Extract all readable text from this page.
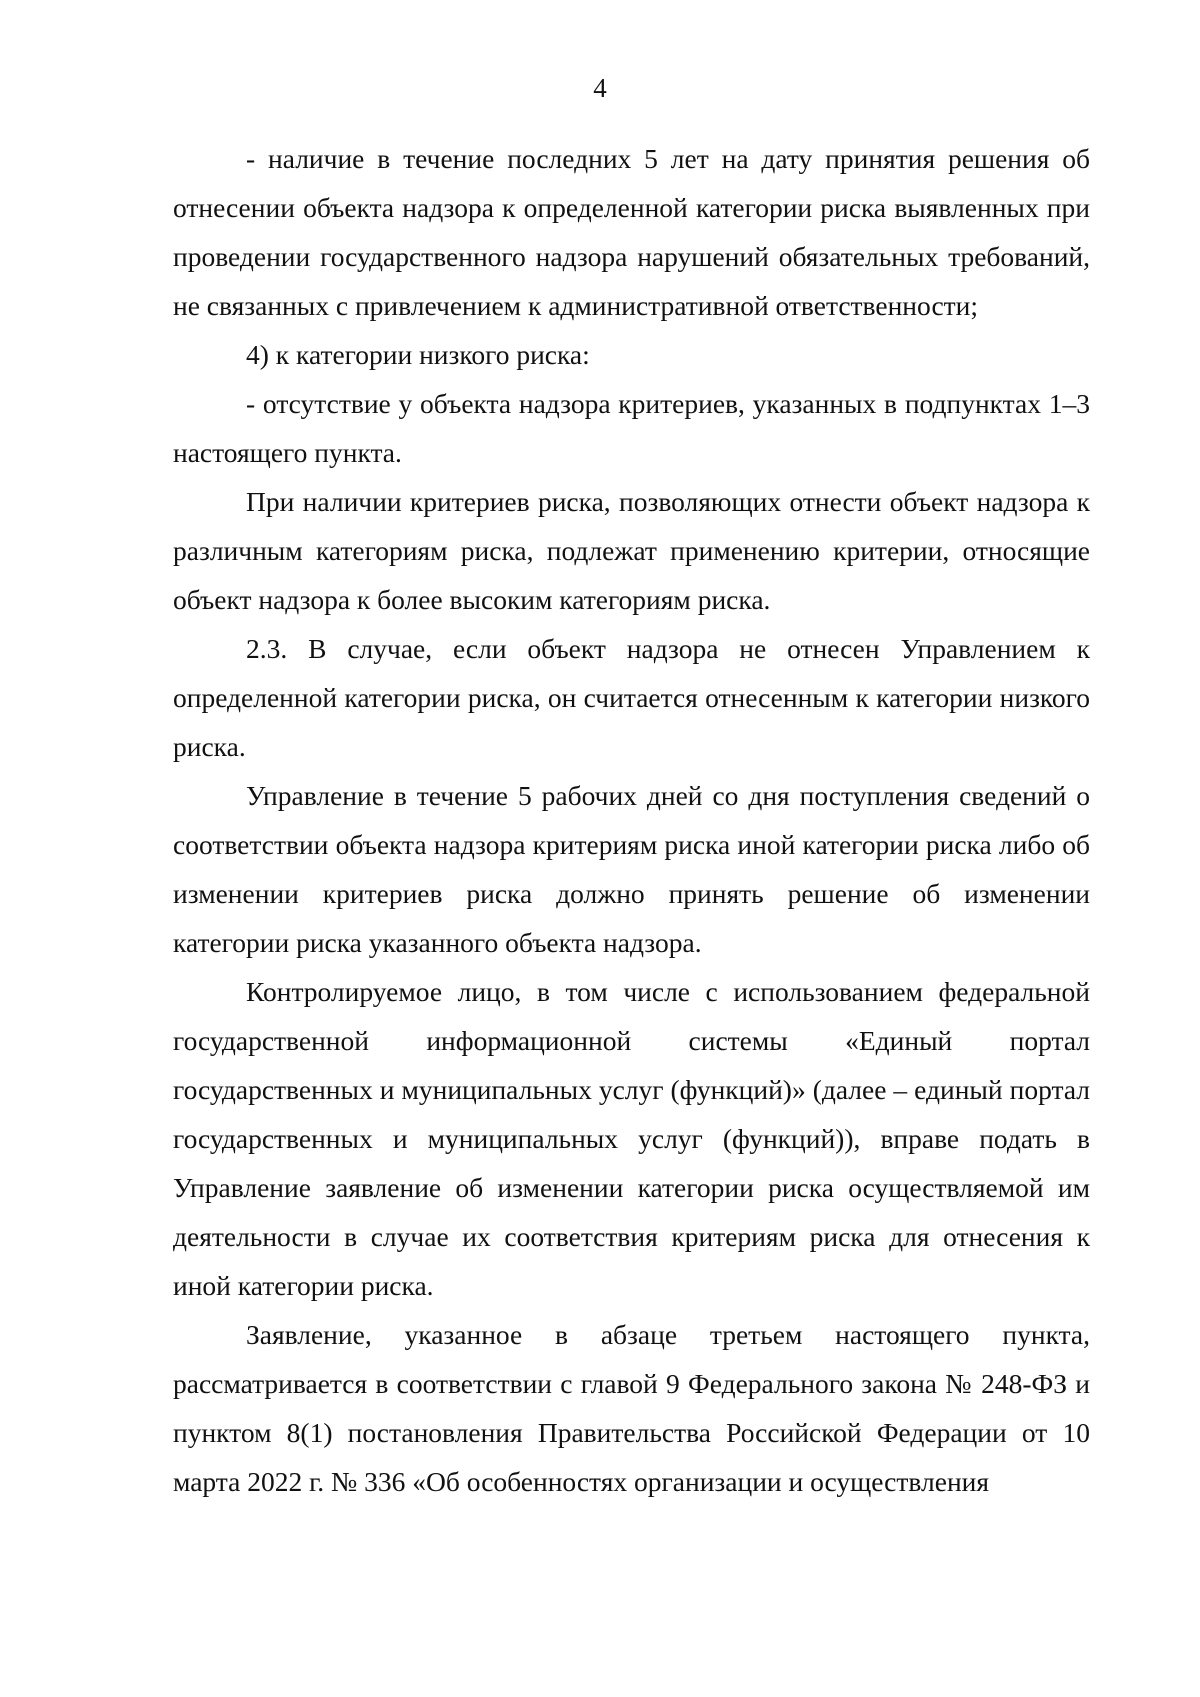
4

- наличие в течение последних 5 лет на дату принятия решения об отнесении объекта надзора к определенной категории риска выявленных при проведении государственного надзора нарушений обязательных требований, не связанных с привлечением к административной ответственности;

4) к категории низкого риска:

- отсутствие у объекта надзора критериев, указанных в подпунктах 1–3 настоящего пункта.

При наличии критериев риска, позволяющих отнести объект надзора к различным категориям риска, подлежат применению критерии, относящие объект надзора к более высоким категориям риска.

2.3. В случае, если объект надзора не отнесен Управлением к определенной категории риска, он считается отнесенным к категории низкого риска.

Управление в течение 5 рабочих дней со дня поступления сведений о соответствии объекта надзора критериям риска иной категории риска либо об изменении критериев риска должно принять решение об изменении категории риска указанного объекта надзора.

Контролируемое лицо, в том числе с использованием федеральной государственной информационной системы «Единый портал государственных и муниципальных услуг (функций)» (далее – единый портал государственных и муниципальных услуг (функций)), вправе подать в Управление заявление об изменении категории риска осуществляемой им деятельности в случае их соответствия критериям риска для отнесения к иной категории риска.

Заявление, указанное в абзаце третьем настоящего пункта, рассматривается в соответствии с главой 9 Федерального закона № 248-ФЗ и пунктом 8(1) постановления Правительства Российской Федерации от 10 марта 2022 г. № 336 «Об особенностях организации и осуществления
